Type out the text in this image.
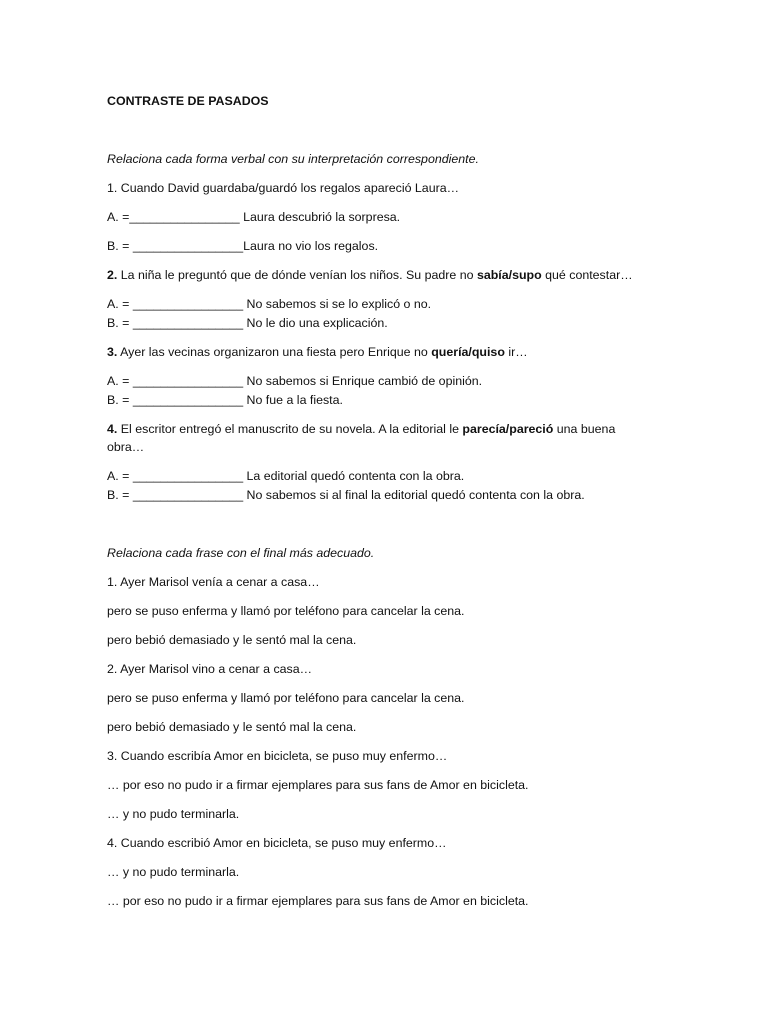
CONTRASTE DE PASADOS

Relaciona cada forma verbal con su interpretación correspondiente.

1. Cuando David guardaba/guardó los regalos apareció Laura…

A. =________________ Laura descubrió la sorpresa.

B. = ________________Laura no vio los regalos.

2. La niña le preguntó que de dónde venían los niños. Su padre no sabía/supo qué contestar…

A. = ________________ No sabemos si se lo explicó o no.

B. = ________________ No le dio una explicación.

3. Ayer las vecinas organizaron una fiesta pero Enrique no quería/quiso ir…

A. = ________________ No sabemos si Enrique cambió de opinión.

B. = ________________ No fue a la fiesta.

4. El escritor entregó el manuscrito de su novela. A la editorial le parecía/pareció una buena

obra…

A. = ________________ La editorial quedó contenta con la obra.

B. = ________________ No sabemos si al final la editorial quedó contenta con la obra.

Relaciona cada frase con el final más adecuado.

1. Ayer Marisol venía a cenar a casa…

pero se puso enferma y llamó por teléfono para cancelar la cena.

pero bebió demasiado y le sentó mal la cena.

2. Ayer Marisol vino a cenar a casa…

pero se puso enferma y llamó por teléfono para cancelar la cena.

pero bebió demasiado y le sentó mal la cena.

3. Cuando escribía Amor en bicicleta, se puso muy enfermo…

… por eso no pudo ir a firmar ejemplares para sus fans de Amor en bicicleta.

… y no pudo terminarla.

4. Cuando escribió Amor en bicicleta, se puso muy enfermo…

… y no pudo terminarla.

… por eso no pudo ir a firmar ejemplares para sus fans de Amor en bicicleta.
